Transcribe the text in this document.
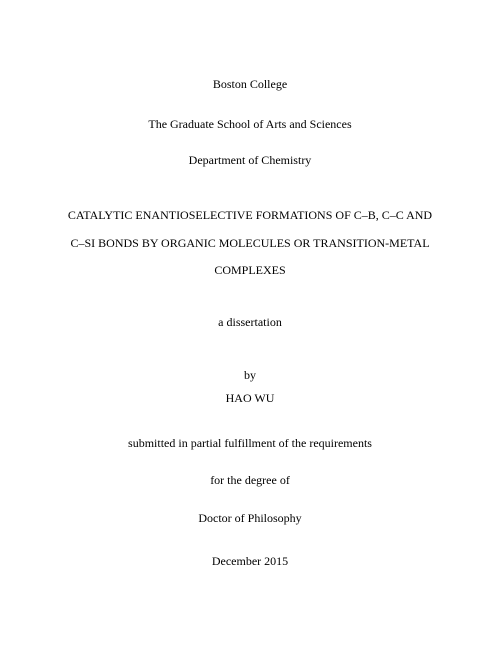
Boston College
The Graduate School of Arts and Sciences
Department of Chemistry
CATALYTIC ENANTIOSELECTIVE FORMATIONS OF C–B, C–C AND
C–SI BONDS BY ORGANIC MOLECULES OR TRANSITION-METAL
COMPLEXES
a dissertation
by
HAO WU
submitted in partial fulfillment of the requirements
for the degree of
Doctor of Philosophy
December 2015
